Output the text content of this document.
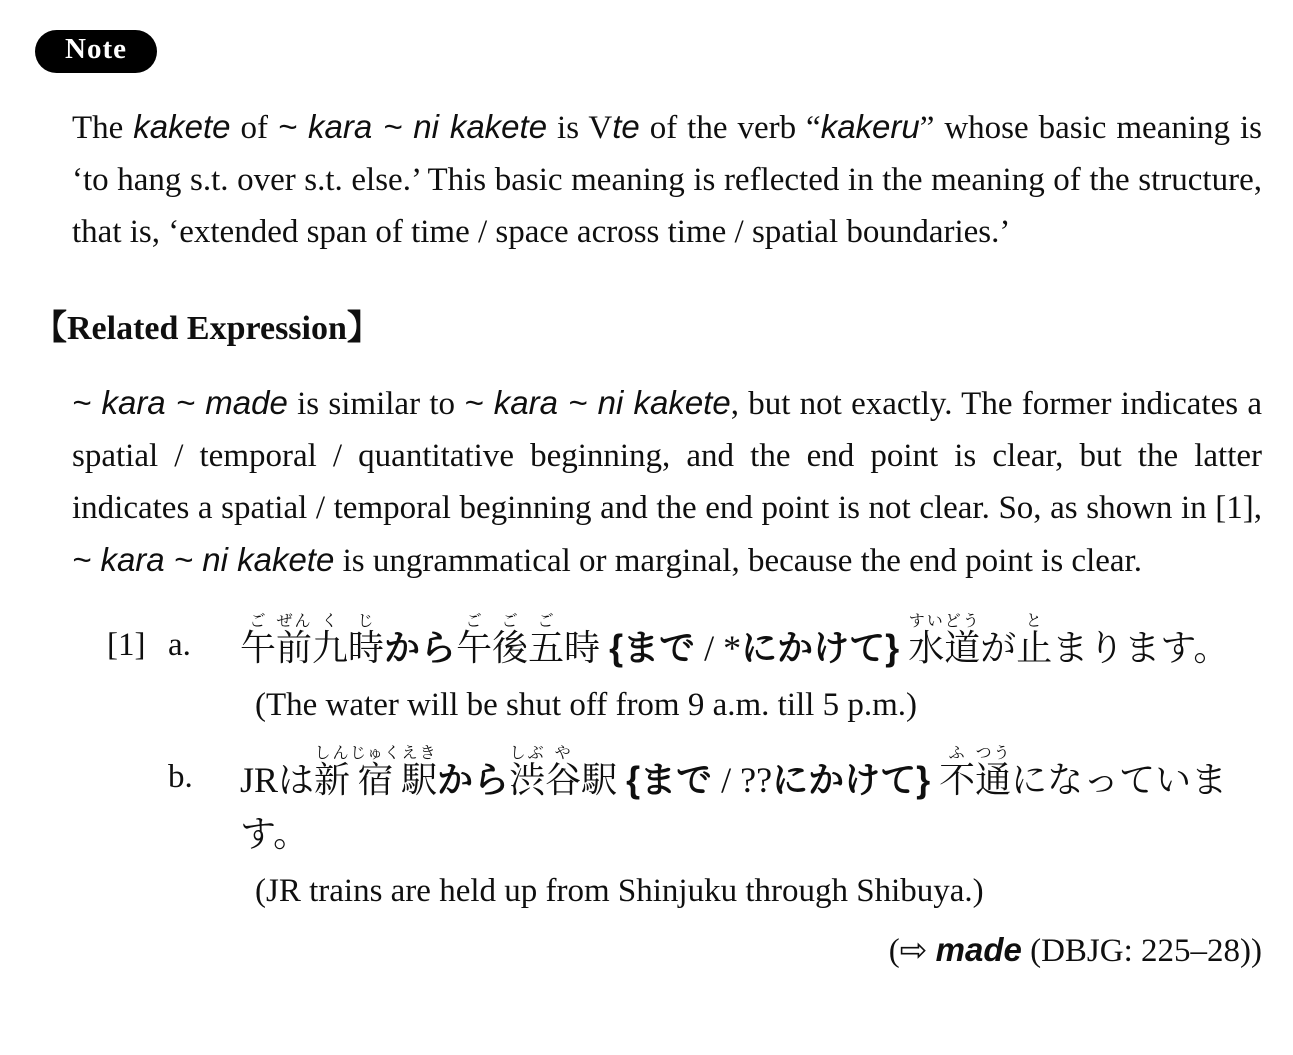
Note
The kakete of ~ kara ~ ni kakete is Vte of the verb “kakeru” whose basic meaning is ‘to hang s.t. over s.t. else.’ This basic meaning is reflected in the meaning of the structure, that is, ‘extended span of time / space across time / spatial boundaries.’
【Related Expression】
~ kara ~ made is similar to ~ kara ~ ni kakete, but not exactly. The former indicates a spatial / temporal / quantitative beginning, and the end point is clear, but the latter indicates a spatial / temporal beginning and the end point is not clear. So, as shown in [1], ~ kara ~ ni kakete is ungrammatical or marginal, because the end point is clear.
[1] a.	午ご前ぜん九く時じから午ご後ご五ご時 {まで / *にかけて} 水すい道どうが止とまります。
(The water will be shut off from 9 a.m. till 5 p.m.)
b.	JRは新しん宿じゅく駅えきから渋しぶ谷や駅 {まで / ??にかけて} 不ふ通つうになっていま
す。
(JR trains are held up from Shinjuku through Shibuya.)
(⇨ made (DBJG: 225–28))
